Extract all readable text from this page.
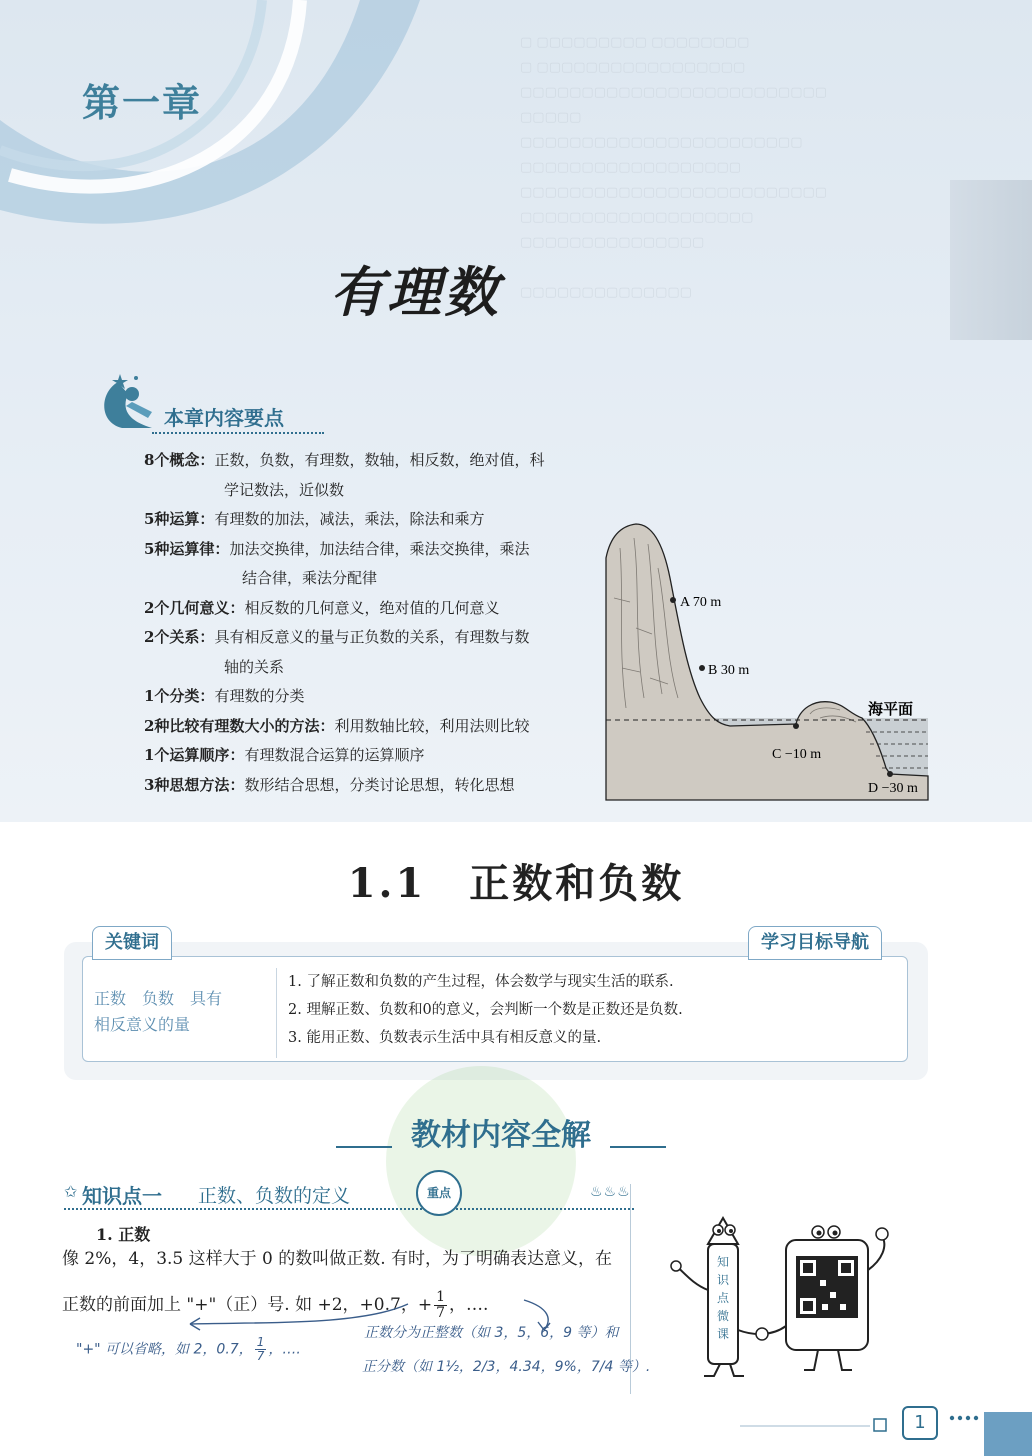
▢ ▢▢▢▢▢▢▢▢▢ ▢▢▢▢▢▢▢▢
▢ ▢▢▢▢▢▢▢▢▢▢▢▢▢▢▢▢▢
▢▢▢▢▢▢▢▢▢▢▢▢▢▢▢▢▢▢▢▢▢▢▢▢▢
▢▢▢▢▢
▢▢▢▢▢▢▢▢▢▢▢▢▢▢▢▢▢▢▢▢▢▢▢
▢▢▢▢▢▢▢▢▢▢▢▢▢▢▢▢▢▢
▢▢▢▢▢▢▢▢▢▢▢▢▢▢▢▢▢▢▢▢▢▢▢▢▢
▢▢▢▢▢▢▢▢▢▢▢▢▢▢▢▢▢▢▢
▢▢▢▢▢▢▢▢▢▢▢▢▢▢▢

▢▢▢▢▢▢▢▢▢▢▢▢▢▢
第一章
有理数
本章内容要点
8个概念： 正数，负数，有理数，数轴，相反数，绝对值，科
学记数法，近似数
5种运算： 有理数的加法，减法，乘法，除法和乘方
5种运算律： 加法交换律，加法结合律，乘法交换律，乘法
结合律，乘法分配律
2个几何意义： 相反数的几何意义，绝对值的几何意义
2个关系： 具有相反意义的量与正负数的关系，有理数与数
轴的关系
1个分类： 有理数的分类
2种比较有理数大小的方法： 利用数轴比较，利用法则比较
1个运算顺序： 有理数混合运算的运算顺序
3种思想方法： 数形结合思想，分类讨论思想，转化思想
A 70 m
B 30 m
C −10 m
D −30 m
海平面
1.1　正数和负数
关键词	学习目标导航
正数　负数　具有
相反意义的量
1. 了解正数和负数的产生过程，体会数学与现实生活的联系.
2. 理解正数、负数和0的意义，会判断一个数是正数还是负数.
3. 能用正数、负数表示生活中具有相反意义的量.
教材内容全解
✩ 知识点一 正数、负数的定义	重点	♨♨♨
1. 正数
像 2%，4，3.5 这样大于 0 的数叫做正数. 有时，为了明确表达意义，在
正数的前面加上 "+"（正）号. 如 +2，+0.7，+ $\frac{1}{7}$ ，….
"+" 可以省略，如 2，0.7， $\frac{1}{7}$ ，….
正数分为正整数（如 3，5，6，9 等）和
正分数（如 1½，2/3，4.34，9%，7/4 等）.
知
识
点
微
课
1
